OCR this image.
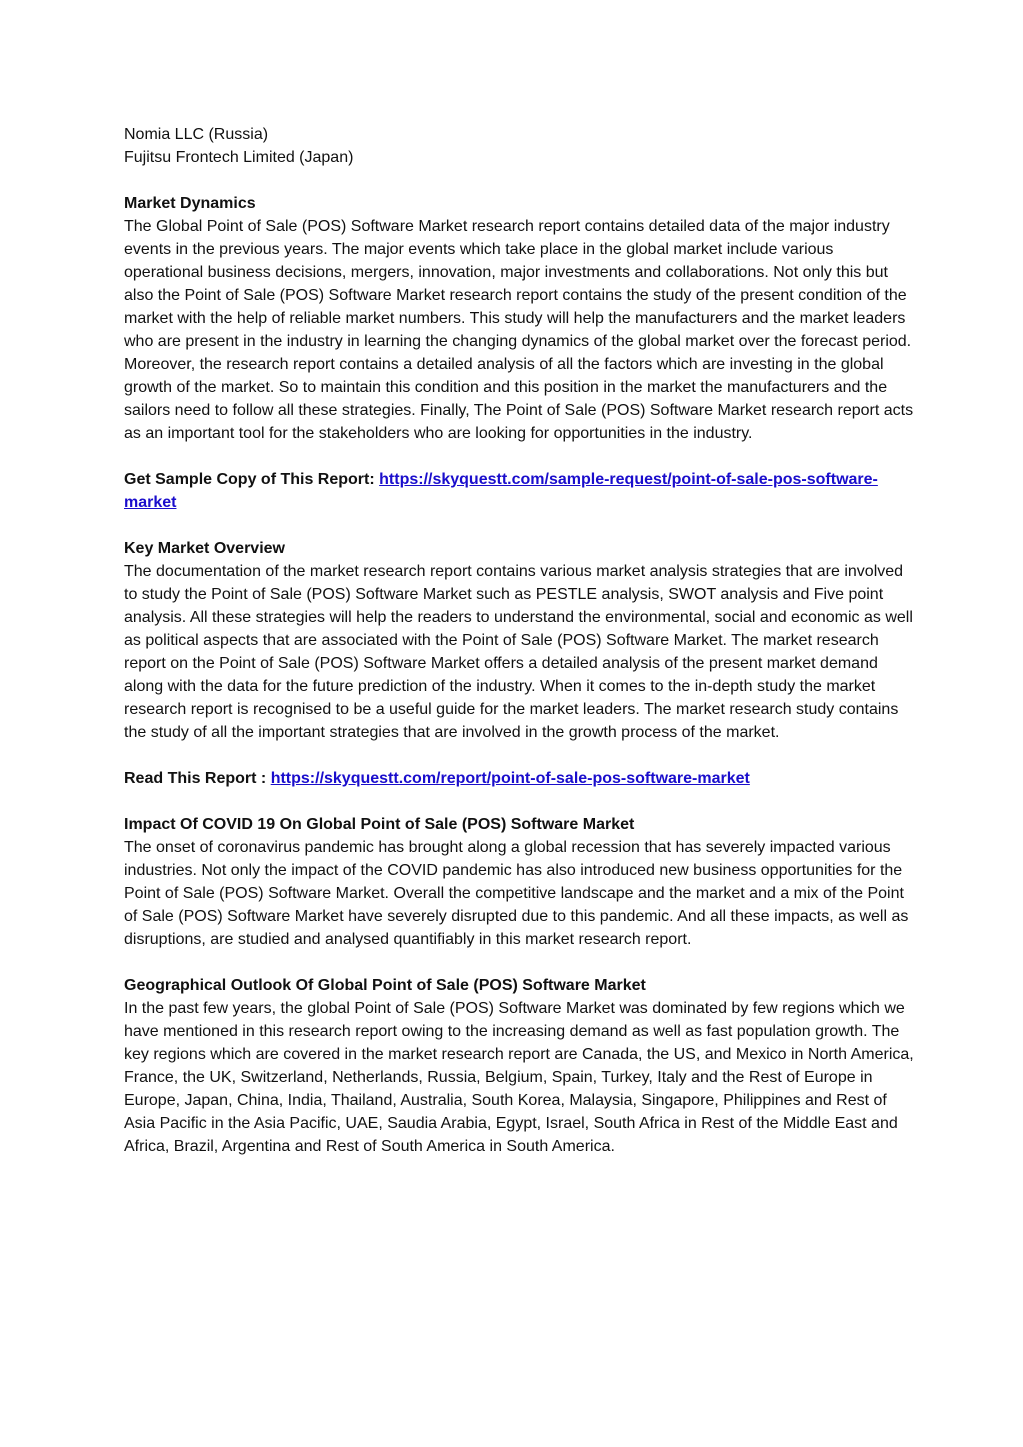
Nomia LLC (Russia)
Fujitsu Frontech Limited (Japan)
Market Dynamics

The Global Point of Sale (POS) Software Market research report contains detailed data of the major industry events in the previous years. The major events which take place in the global market include various operational business decisions, mergers, innovation, major investments and collaborations. Not only this but also the Point of Sale (POS) Software Market research report contains the study of the present condition of the market with the help of reliable market numbers. This study will help the manufacturers and the market leaders who are present in the industry in learning the changing dynamics of the global market over the forecast period. Moreover, the research report contains a detailed analysis of all the factors which are investing in the global growth of the market. So to maintain this condition and this position in the market the manufacturers and the sailors need to follow all these strategies. Finally, The Point of Sale (POS) Software Market research report acts as an important tool for the stakeholders who are looking for opportunities in the industry.

Get Sample Copy of This Report: https://skyquestt.com/sample-request/point-of-sale-pos-software-market
Key Market Overview

The documentation of the market research report contains various market analysis strategies that are involved to study the Point of Sale (POS) Software Market such as PESTLE analysis, SWOT analysis and Five point analysis. All these strategies will help the readers to understand the environmental, social and economic as well as political aspects that are associated with the Point of Sale (POS) Software Market. The market research report on the Point of Sale (POS) Software Market offers a detailed analysis of the present market demand along with the data for the future prediction of the industry. When it comes to the in-depth study the market research report is recognised to be a useful guide for the market leaders. The market research study contains the study of all the important strategies that are involved in the growth process of the market.

Read This Report : https://skyquestt.com/report/point-of-sale-pos-software-market
Impact Of COVID 19 On Global Point of Sale (POS) Software Market

The onset of coronavirus pandemic has brought along a global recession that has severely impacted various industries. Not only the impact of the COVID pandemic has also introduced new business opportunities for the Point of Sale (POS) Software Market. Overall the competitive landscape and the market and a mix of the Point of Sale (POS) Software Market have severely disrupted due to this pandemic. And all these impacts, as well as disruptions, are studied and analysed quantifiably in this market research report.

Geographical Outlook Of Global Point of Sale (POS) Software Market

In the past few years, the global Point of Sale (POS) Software Market was dominated by few regions which we have mentioned in this research report owing to the increasing demand as well as fast population growth. The key regions which are covered in the market research report are Canada, the US, and Mexico in North America, France, the UK, Switzerland, Netherlands, Russia, Belgium, Spain, Turkey, Italy and the Rest of Europe in Europe, Japan, China, India, Thailand, Australia, South Korea, Malaysia, Singapore, Philippines and Rest of Asia Pacific in the Asia Pacific, UAE, Saudia Arabia, Egypt, Israel, South Africa in Rest of the Middle East and Africa, Brazil, Argentina and Rest of South America in South America.
